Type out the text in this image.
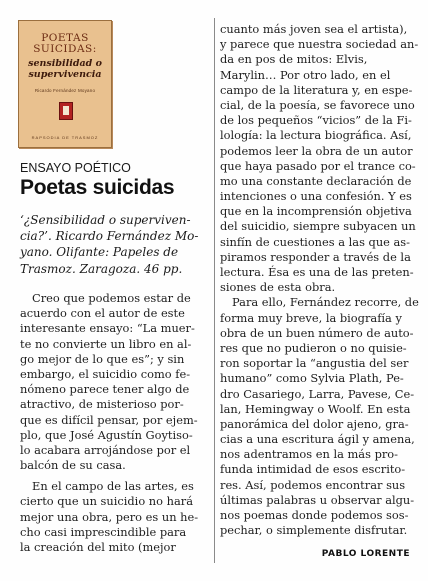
POETAS
SUICIDAS:
sensibilidad o
supervivencia
Ricardo Fernández Moyano
RAPSODIA DE TRASMOZ
ENSAYO POÉTICO
Poetas suicidas
‘¿Sensibilidad o superviven-
cia?’. Ricardo Fernández Mo-
yano. Olifante: Papeles de
Trasmoz. Zaragoza. 46 pp.
Creo que podemos estar de
acuerdo con el autor de este
interesante ensayo: “La muer-
te no convierte un libro en al-
go mejor de lo que es”; y sin
embargo, el suicidio como fe-
nómeno parece tener algo de
atractivo, de misterioso por-
que es difícil pensar, por ejem-
plo, que José Agustín Goytiso-
lo acabara arrojándose por el
balcón de su casa.
En el campo de las artes, es
cierto que un suicidio no hará
mejor una obra, pero es un he-
cho casi imprescindible para
la creación del mito (mejor
cuanto más joven sea el artista),
y parece que nuestra sociedad an-
da en pos de mitos: Elvis,
Marylin… Por otro lado, en el
campo de la literatura y, en espe-
cial, de la poesía, se favorece uno
de los pequeños “vicios” de la Fi-
lología: la lectura biográfica. Así,
podemos leer la obra de un autor
que haya pasado por el trance co-
mo una constante declaración de
intenciones o una confesión. Y es
que en la incomprensión objetiva
del suicidio, siempre subyacen un
sinfín de cuestiones a las que as-
piramos responder a través de la
lectura. Ésa es una de las preten-
siones de esta obra.
Para ello, Fernández recorre, de
forma muy breve, la biografía y
obra de un buen número de auto-
res que no pudieron o no quisie-
ron soportar la “angustia del ser
humano” como Sylvia Plath, Pe-
dro Casariego, Larra, Pavese, Ce-
lan, Hemingway o Woolf. En esta
panorámica del dolor ajeno, gra-
cias a una escritura ágil y amena,
nos adentramos en la más pro-
funda intimidad de esos escrito-
res. Así, podemos encontrar sus
últimas palabras u observar algu-
nos poemas donde podemos sos-
pechar, o simplemente disfrutar.
PABLO LORENTE
